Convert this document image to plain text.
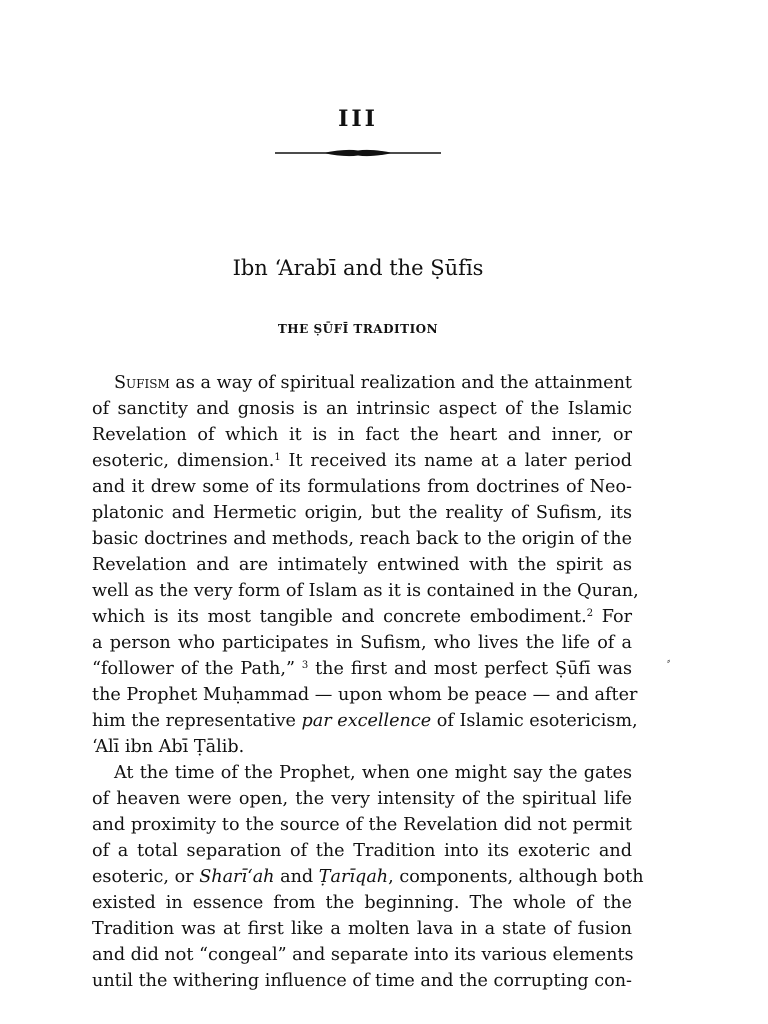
III
Ibn ‘Arabī and the Ṣūfīs
THE ṢŪFĪ TRADITION
Sufism as a way of spiritual realization and the attainment
of sanctity and gnosis is an intrinsic aspect of the Islamic
Revelation of which it is in fact the heart and inner, or
esoteric, dimension.$^1$ It received its name at a later period
and it drew some of its formulations from doctrines of Neo-
platonic and Hermetic origin, but the reality of Sufism, its
basic doctrines and methods, reach back to the origin of the
Revelation and are intimately entwined with the spirit as
well as the very form of Islam as it is contained in the Quran,
which is its most tangible and concrete embodiment.$^2$ For
a person who participates in Sufism, who lives the life of a
“follower of the Path,” $^3$ the first and most perfect Ṣūfī was
the Prophet Muḥammad — upon whom be peace — and after
him the representative par excellence of Islamic esotericism,
‘Alī ibn Abī Ṭālib.
At the time of the Prophet, when one might say the gates
of heaven were open, the very intensity of the spiritual life
and proximity to the source of the Revelation did not permit
of a total separation of the Tradition into its exoteric and
esoteric, or Sharī‘ah and Ṭarīqah, components, although both
existed in essence from the beginning. The whole of the
Tradition was at first like a molten lava in a state of fusion
and did not “congeal” and separate into its various elements
until the withering influence of time and the corrupting con-
⸗
